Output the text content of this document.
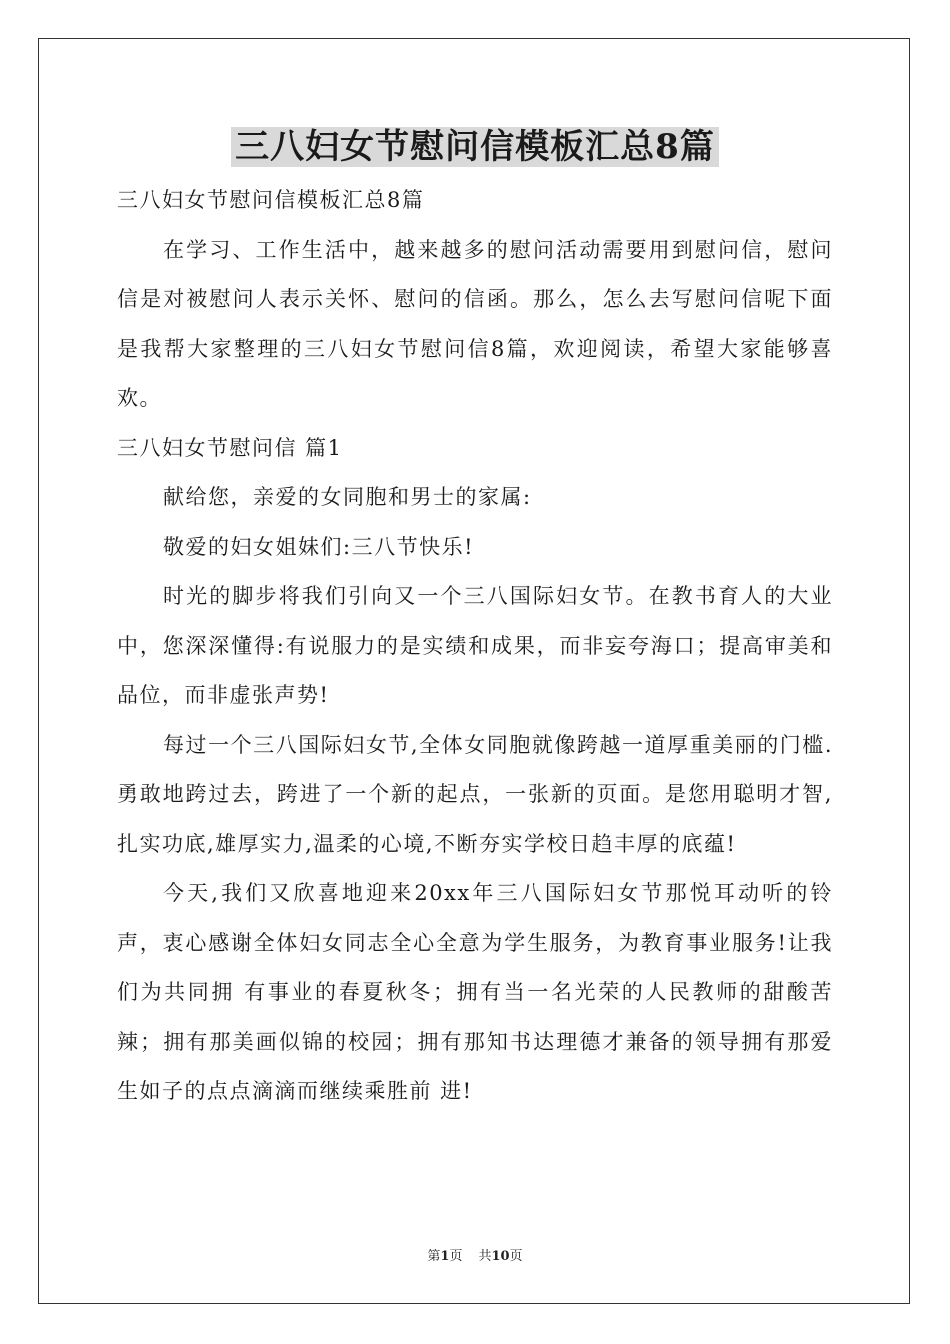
三八妇女节慰问信模板汇总8篇

三八妇女节慰问信模板汇总8篇

在学习、工作生活中，越来越多的慰问活动需要用到慰问信，慰问信是对被慰问人表示关怀、慰问的信函。那么，怎么去写慰问信呢下面是我帮大家整理的三八妇女节慰问信8篇，欢迎阅读，希望大家能够喜欢。

三八妇女节慰问信 篇1

献给您，亲爱的女同胞和男士的家属:

敬爱的妇女姐妹们:三八节快乐!

时光的脚步将我们引向又一个三八国际妇女节。在教书育人的大业中，您深深懂得:有说服力的是实绩和成果，而非妄夸海口；提高审美和品位，而非虚张声势!

每过一个三八国际妇女节,全体女同胞就像跨越一道厚重美丽的门槛.勇敢地跨过去，跨进了一个新的起点，一张新的页面。是您用聪明才智,扎实功底,雄厚实力,温柔的心境,不断夯实学校日趋丰厚的底蕴!

今天,我们又欣喜地迎来20xx年三八国际妇女节那悦耳动听的铃声，衷心感谢全体妇女同志全心全意为学生服务，为教育事业服务!让我们为共同拥 有事业的春夏秋冬；拥有当一名光荣的人民教师的甜酸苦辣；拥有那美画似锦的校园；拥有那知书达理德才兼备的领导拥有那爱生如子的点点滴滴而继续乘胜前 进!

第1页 共10页
